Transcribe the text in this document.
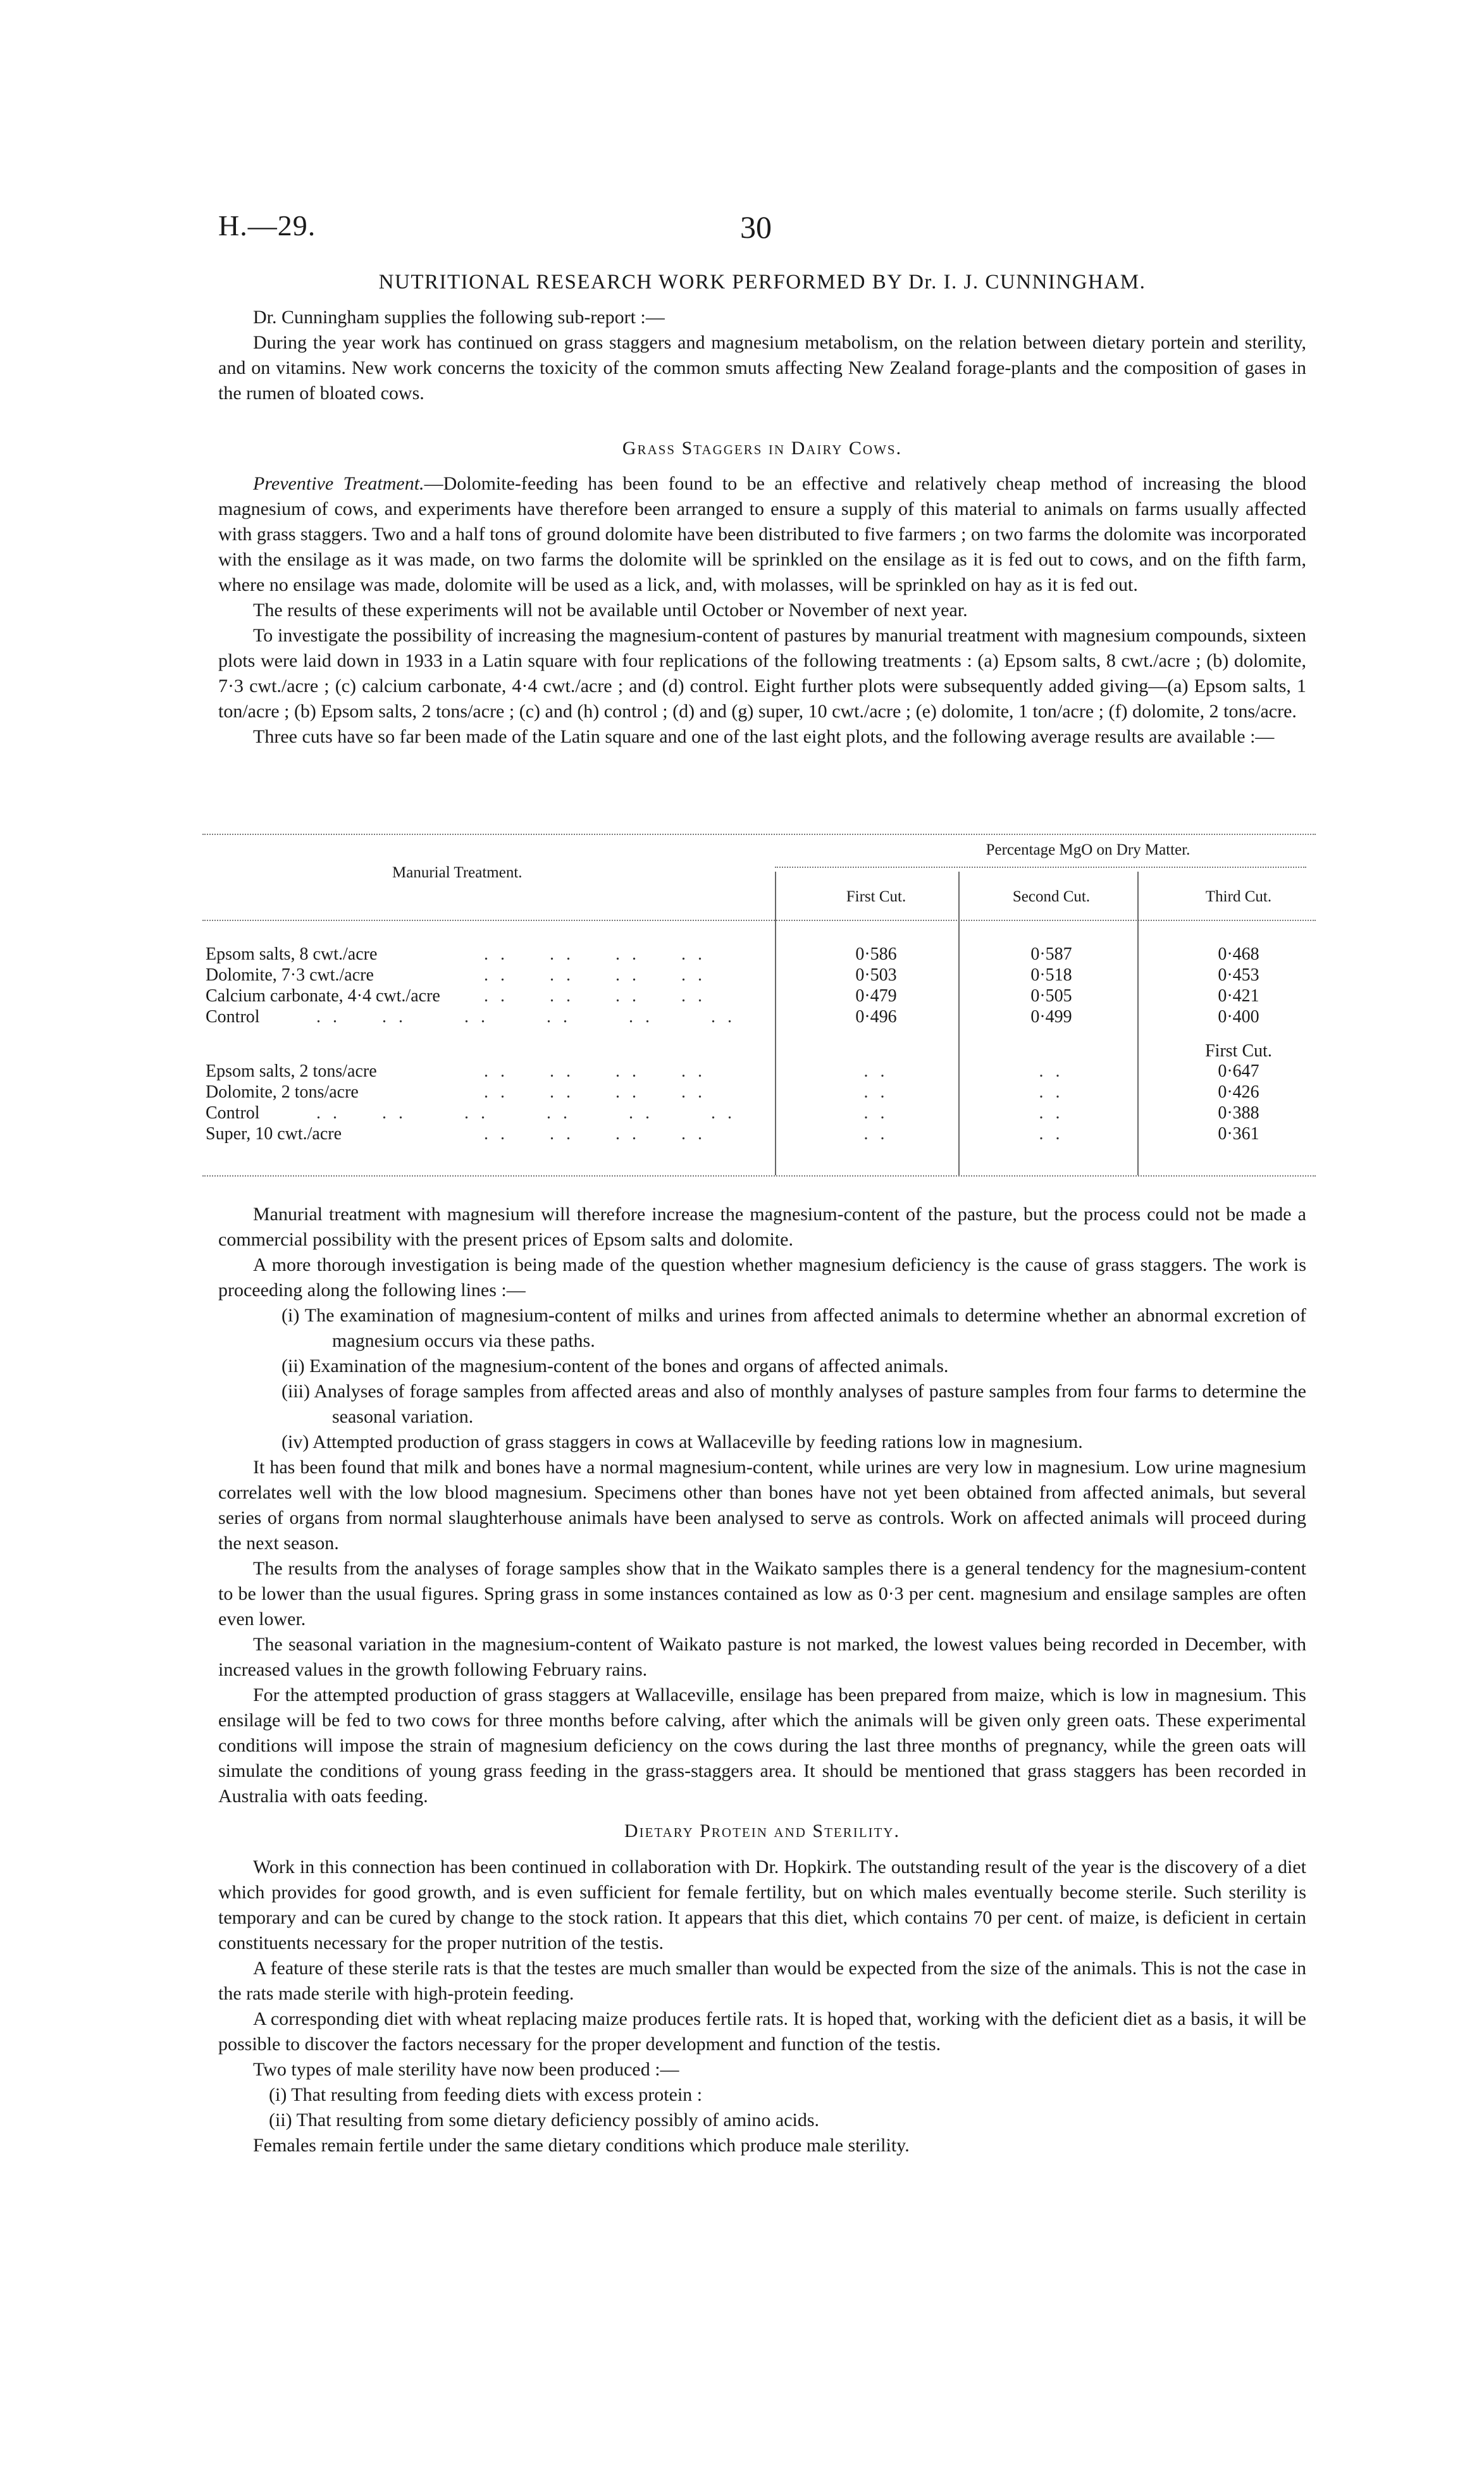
H.—29.	30
NUTRITIONAL RESEARCH WORK PERFORMED BY Dr. I. J. CUNNINGHAM.

Dr. Cunningham supplies the following sub-report :—

During the year work has continued on grass staggers and magnesium metabolism, on the relation between dietary portein and sterility, and on vitamins. New work concerns the toxicity of the common smuts affecting New Zealand forage-plants and the composition of gases in the rumen of bloated cows.

Grass Staggers in Dairy Cows.

Preventive Treatment.—Dolomite-feeding has been found to be an effective and relatively cheap method of increasing the blood magnesium of cows, and experiments have therefore been arranged to ensure a supply of this material to animals on farms usually affected with grass staggers. Two and a half tons of ground dolomite have been distributed to five farmers ; on two farms the dolomite was incorporated with the ensilage as it was made, on two farms the dolomite will be sprinkled on the ensilage as it is fed out to cows, and on the fifth farm, where no ensilage was made, dolomite will be used as a lick, and, with molasses, will be sprinkled on hay as it is fed out.

The results of these experiments will not be available until October or November of next year.

To investigate the possibility of increasing the magnesium-content of pastures by manurial treatment with magnesium compounds, sixteen plots were laid down in 1933 in a Latin square with four replications of the following treatments : (a) Epsom salts, 8 cwt./acre ; (b) dolomite, 7·3 cwt./acre ; (c) calcium carbonate, 4·4 cwt./acre ; and (d) control. Eight further plots were subsequently added giving—(a) Epsom salts, 1 ton/acre ; (b) Epsom salts, 2 tons/acre ; (c) and (h) control ; (d) and (g) super, 10 cwt./acre ; (e) dolomite, 1 ton/acre ; (f) dolomite, 2 tons/acre.

Three cuts have so far been made of the Latin square and one of the last eight plots, and the following average results are available :—

Manurial Treatment.
Percentage MgO on Dry Matter.
First Cut.	Second Cut.	Third Cut.
Epsom salts, 8 cwt./acre	. . . . . . . .	0·586	0·587	0·468
Dolomite, 7·3 cwt./acre	. . . . . . . .	0·503	0·518	0·453
Calcium carbonate, 4·4 cwt./acre . . . . . . . .	0·479	0·505	0·421
Control	. . . .	. .	. .	. .	. .	0·496	0·499	0·400
First Cut.
Epsom salts, 2 tons/acre	. . . . . . . .	. .	. .	0·647
Dolomite, 2 tons/acre	. . . . . . . .	. .	. .	0·426
Control	. . . .	. .	. .	. .	. .	. .	. .	0·388
Super, 10 cwt./acre	. . . . . . . .	. .	. .	0·361

Manurial treatment with magnesium will therefore increase the magnesium-content of the pasture, but the process could not be made a commercial possibility with the present prices of Epsom salts and dolomite.

A more thorough investigation is being made of the question whether magnesium deficiency is the cause of grass staggers. The work is proceeding along the following lines :—

(i) The examination of magnesium-content of milks and urines from affected animals to determine whether an abnormal excretion of magnesium occurs via these paths.
(ii) Examination of the magnesium-content of the bones and organs of affected animals.
(iii) Analyses of forage samples from affected areas and also of monthly analyses of pasture samples from four farms to determine the seasonal variation.
(iv) Attempted production of grass staggers in cows at Wallaceville by feeding rations low in magnesium.

It has been found that milk and bones have a normal magnesium-content, while urines are very low in magnesium. Low urine magnesium correlates well with the low blood magnesium. Specimens other than bones have not yet been obtained from affected animals, but several series of organs from normal slaughterhouse animals have been analysed to serve as controls. Work on affected animals will proceed during the next season.

The results from the analyses of forage samples show that in the Waikato samples there is a general tendency for the magnesium-content to be lower than the usual figures. Spring grass in some instances contained as low as 0·3 per cent. magnesium and ensilage samples are often even lower.

The seasonal variation in the magnesium-content of Waikato pasture is not marked, the lowest values being recorded in December, with increased values in the growth following February rains.

For the attempted production of grass staggers at Wallaceville, ensilage has been prepared from maize, which is low in magnesium. This ensilage will be fed to two cows for three months before calving, after which the animals will be given only green oats. These experimental conditions will impose the strain of magnesium deficiency on the cows during the last three months of pregnancy, while the green oats will simulate the conditions of young grass feeding in the grass-staggers area. It should be mentioned that grass staggers has been recorded in Australia with oats feeding.

Dietary Protein and Sterility.

Work in this connection has been continued in collaboration with Dr. Hopkirk. The outstanding result of the year is the discovery of a diet which provides for good growth, and is even sufficient for female fertility, but on which males eventually become sterile. Such sterility is temporary and can be cured by change to the stock ration. It appears that this diet, which contains 70 per cent. of maize, is deficient in certain constituents necessary for the proper nutrition of the testis.

A feature of these sterile rats is that the testes are much smaller than would be expected from the size of the animals. This is not the case in the rats made sterile with high-protein feeding.

A corresponding diet with wheat replacing maize produces fertile rats. It is hoped that, working with the deficient diet as a basis, it will be possible to discover the factors necessary for the proper development and function of the testis.

Two types of male sterility have now been produced :—

(i) That resulting from feeding diets with excess protein :
(ii) That resulting from some dietary deficiency possibly of amino acids.

Females remain fertile under the same dietary conditions which produce male sterility.
